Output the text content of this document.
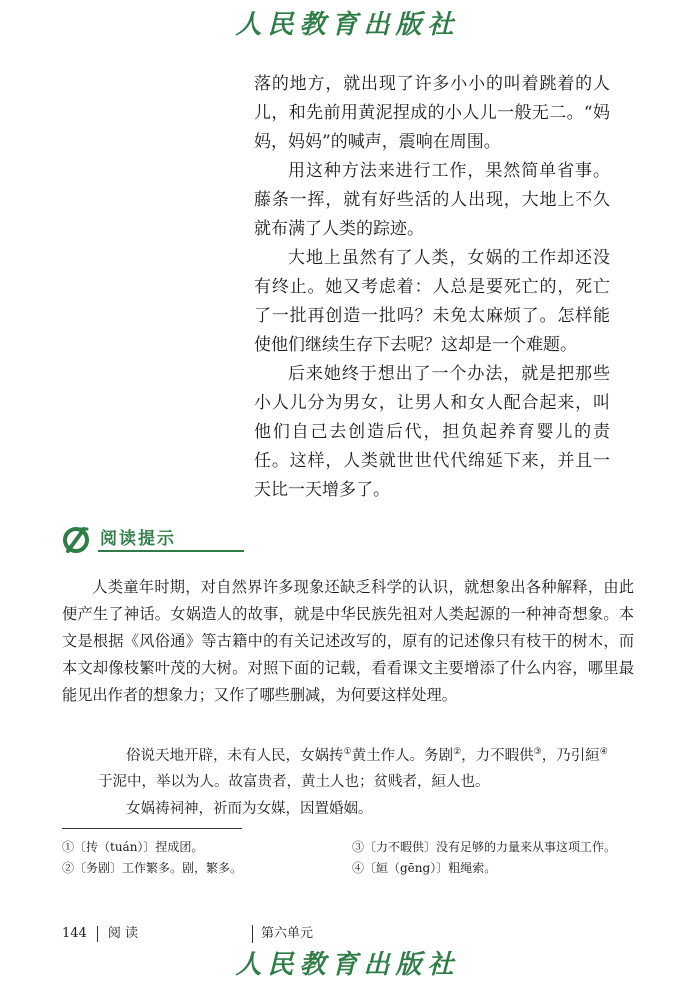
人民教育出版社

落的地方，就出现了许多小小的叫着跳着的人儿，和先前用黄泥捏成的小人儿一般无二。“妈妈，妈妈”的喊声，震响在周围。

用这种方法来进行工作，果然简单省事。藤条一挥，就有好些活的人出现，大地上不久就布满了人类的踪迹。

大地上虽然有了人类，女娲的工作却还没有终止。她又考虑着：人总是要死亡的，死亡了一批再创造一批吗？未免太麻烦了。怎样能使他们继续生存下去呢？这却是一个难题。

后来她终于想出了一个办法，就是把那些小人儿分为男女，让男人和女人配合起来，叫他们自己去创造后代，担负起养育婴儿的责任。这样，人类就世世代代绵延下来，并且一天比一天增多了。

阅读提示

人类童年时期，对自然界许多现象还缺乏科学的认识，就想象出各种解释，由此便产生了神话。女娲造人的故事，就是中华民族先祖对人类起源的一种神奇想象。本文是根据《风俗通》等古籍中的有关记述改写的，原有的记述像只有枝干的树木，而本文却像枝繁叶茂的大树。对照下面的记载，看看课文主要增添了什么内容，哪里最能见出作者的想象力；又作了哪些删减，为何要这样处理。

俗说天地开辟，未有人民，女娲抟①黄土作人。务剧②，力不暇供③，乃引絙④
于泥中，举以为人。故富贵者，黄土人也；贫贱者，絙人也。
女娲祷祠神，祈而为女媒，因置婚姻。
①〔抟（tuán）〕捏成团。
②〔务剧〕工作繁多。剧，繁多。
③〔力不暇供〕没有足够的力量来从事这项工作。
④〔絙（gēng）〕粗绳索。
144 阅 读	第六单元
人民教育出版社
